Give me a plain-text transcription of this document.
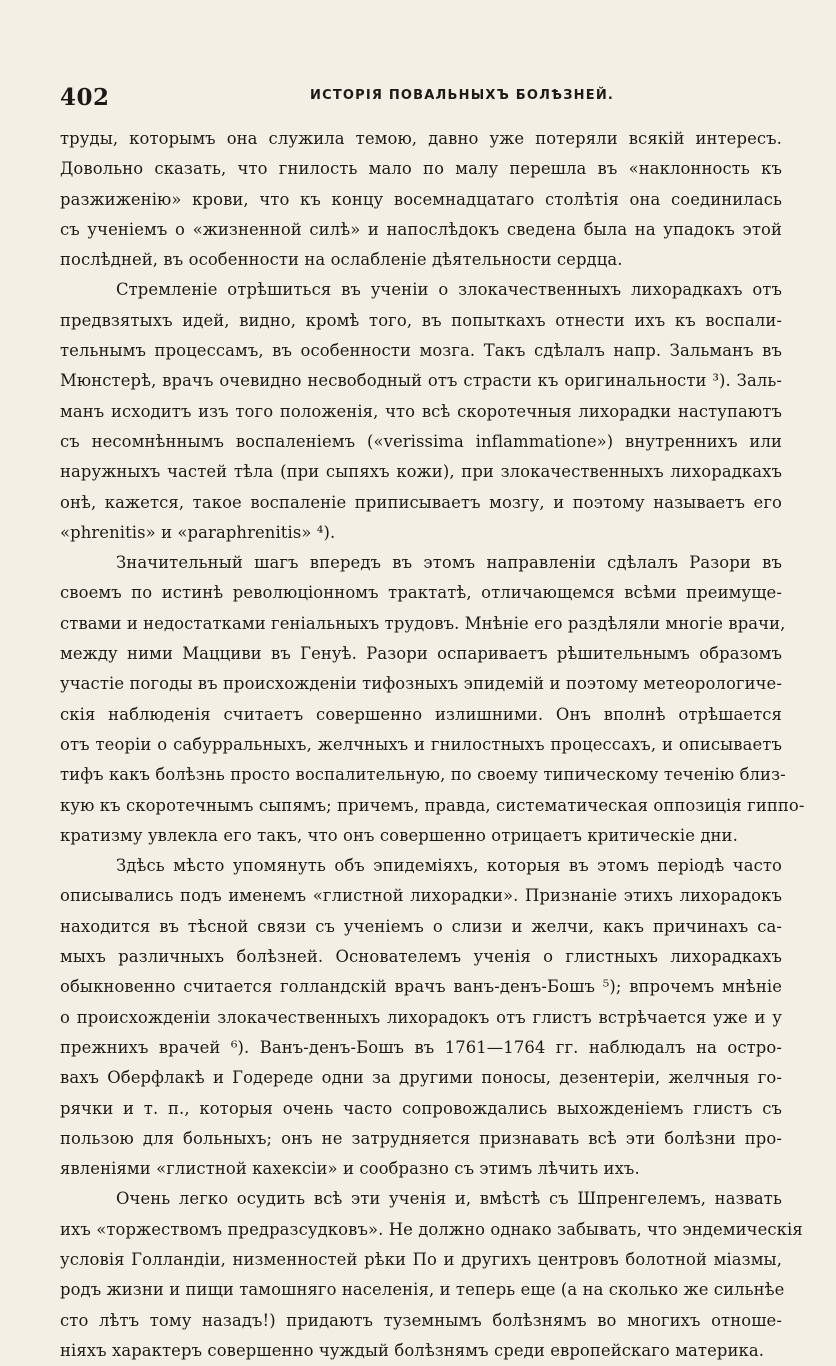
402	ИСТОРІЯ ПОВАЛЬНЫХЪ БОЛѢЗНЕЙ.

труды, которымъ она служила темою, давно уже потеряли всякій интересъ.
Довольно сказать, что гнилость мало по малу перешла въ «наклонность къ
разжиженію» крови, что къ концу восемнадцатаго столѣтія она соединилась
съ ученіемъ о «жизненной силѣ» и напослѣдокъ сведена была на упадокъ этой
послѣдней, въ особенности на ослабленіе дѣятельности сердца.

Стремленіе отрѣшиться въ ученіи о злокачественныхъ лихорадкахъ отъ
предвзятыхъ идей, видно, кромѣ того, въ попыткахъ отнести ихъ къ воспали-
тельнымъ процессамъ, въ особенности мозга. Такъ сдѣлалъ напр. Зальманъ въ
Мюнстерѣ, врачъ очевидно несвободный отъ страсти къ оригинальности ³). Заль-
манъ исходитъ изъ того положенія, что всѣ скоротечныя лихорадки наступаютъ
съ несомнѣннымъ воспаленіемъ («verissima inflammatione») внутреннихъ или
наружныхъ частей тѣла (при сыпяхъ кожи), при злокачественныхъ лихорадкахъ
онѣ, кажется, такое воспаленіе приписываетъ мозгу, и поэтому называетъ его
«phrenitis» и «paraphrenitis» ⁴).

Значительный шагъ впередъ въ этомъ направленіи сдѣлалъ Разори въ
своемъ по истинѣ революціонномъ трактатѣ, отличающемся всѣми преимуще-
ствами и недостатками геніальныхъ трудовъ. Мнѣніе его раздѣляли многіе врачи,
между ними Мацциви въ Генуѣ. Разори оспариваетъ рѣшительнымъ образомъ
участіе погоды въ происхожденіи тифозныхъ эпидемій и поэтому метеорологиче-
скія наблюденія считаетъ совершенно излишними. Онъ вполнѣ отрѣшается
отъ теоріи о сабурральныхъ, желчныхъ и гнилостныхъ процессахъ, и описываетъ
тифъ какъ болѣзнь просто воспалительную, по своему типическому теченію близ-
кую къ скоротечнымъ сыпямъ; причемъ, правда, систематическая оппозиція гиппо-
кратизму увлекла его такъ, что онъ совершенно отрицаетъ критическіе дни.

Здѣсь мѣсто упомянуть объ эпидеміяхъ, которыя въ этомъ періодѣ часто
описывались подъ именемъ «глистной лихорадки». Признаніе этихъ лихорадокъ
находится въ тѣсной связи съ ученіемъ о слизи и желчи, какъ причинахъ са-
мыхъ различныхъ болѣзней. Основателемъ ученія о глистныхъ лихорадкахъ
обыкновенно считается голландскій врачъ ванъ-денъ-Бошъ ⁵); впрочемъ мнѣніе
о происхожденіи злокачественныхъ лихорадокъ отъ глистъ встрѣчается уже и у
прежнихъ врачей ⁶). Ванъ-денъ-Бошъ въ 1761—1764 гг. наблюдалъ на остро-
вахъ Оберфлакѣ и Годереде одни за другими поносы, дезентеріи, желчныя го-
рячки и т. п., которыя очень часто сопровождались выхожденіемъ глистъ съ
пользою для больныхъ; онъ не затрудняется признавать всѣ эти болѣзни про-
явленіями «глистной кахексіи» и сообразно съ этимъ лѣчить ихъ.

Очень легко осудить всѣ эти ученія и, вмѣстѣ съ Шпренгелемъ, назвать
ихъ «торжествомъ предразсудковъ». Не должно однако забывать, что эндемическія
условія Голландіи, низменностей рѣки По и другихъ центровъ болотной міазмы,
родъ жизни и пищи тамошняго населенія, и теперь еще (а на сколько же сильнѣе
сто лѣтъ тому назадъ!) придаютъ туземнымъ болѣзнямъ во многихъ отноше-
ніяхъ характеръ совершенно чуждый болѣзнямъ среди европейскаго материка.
